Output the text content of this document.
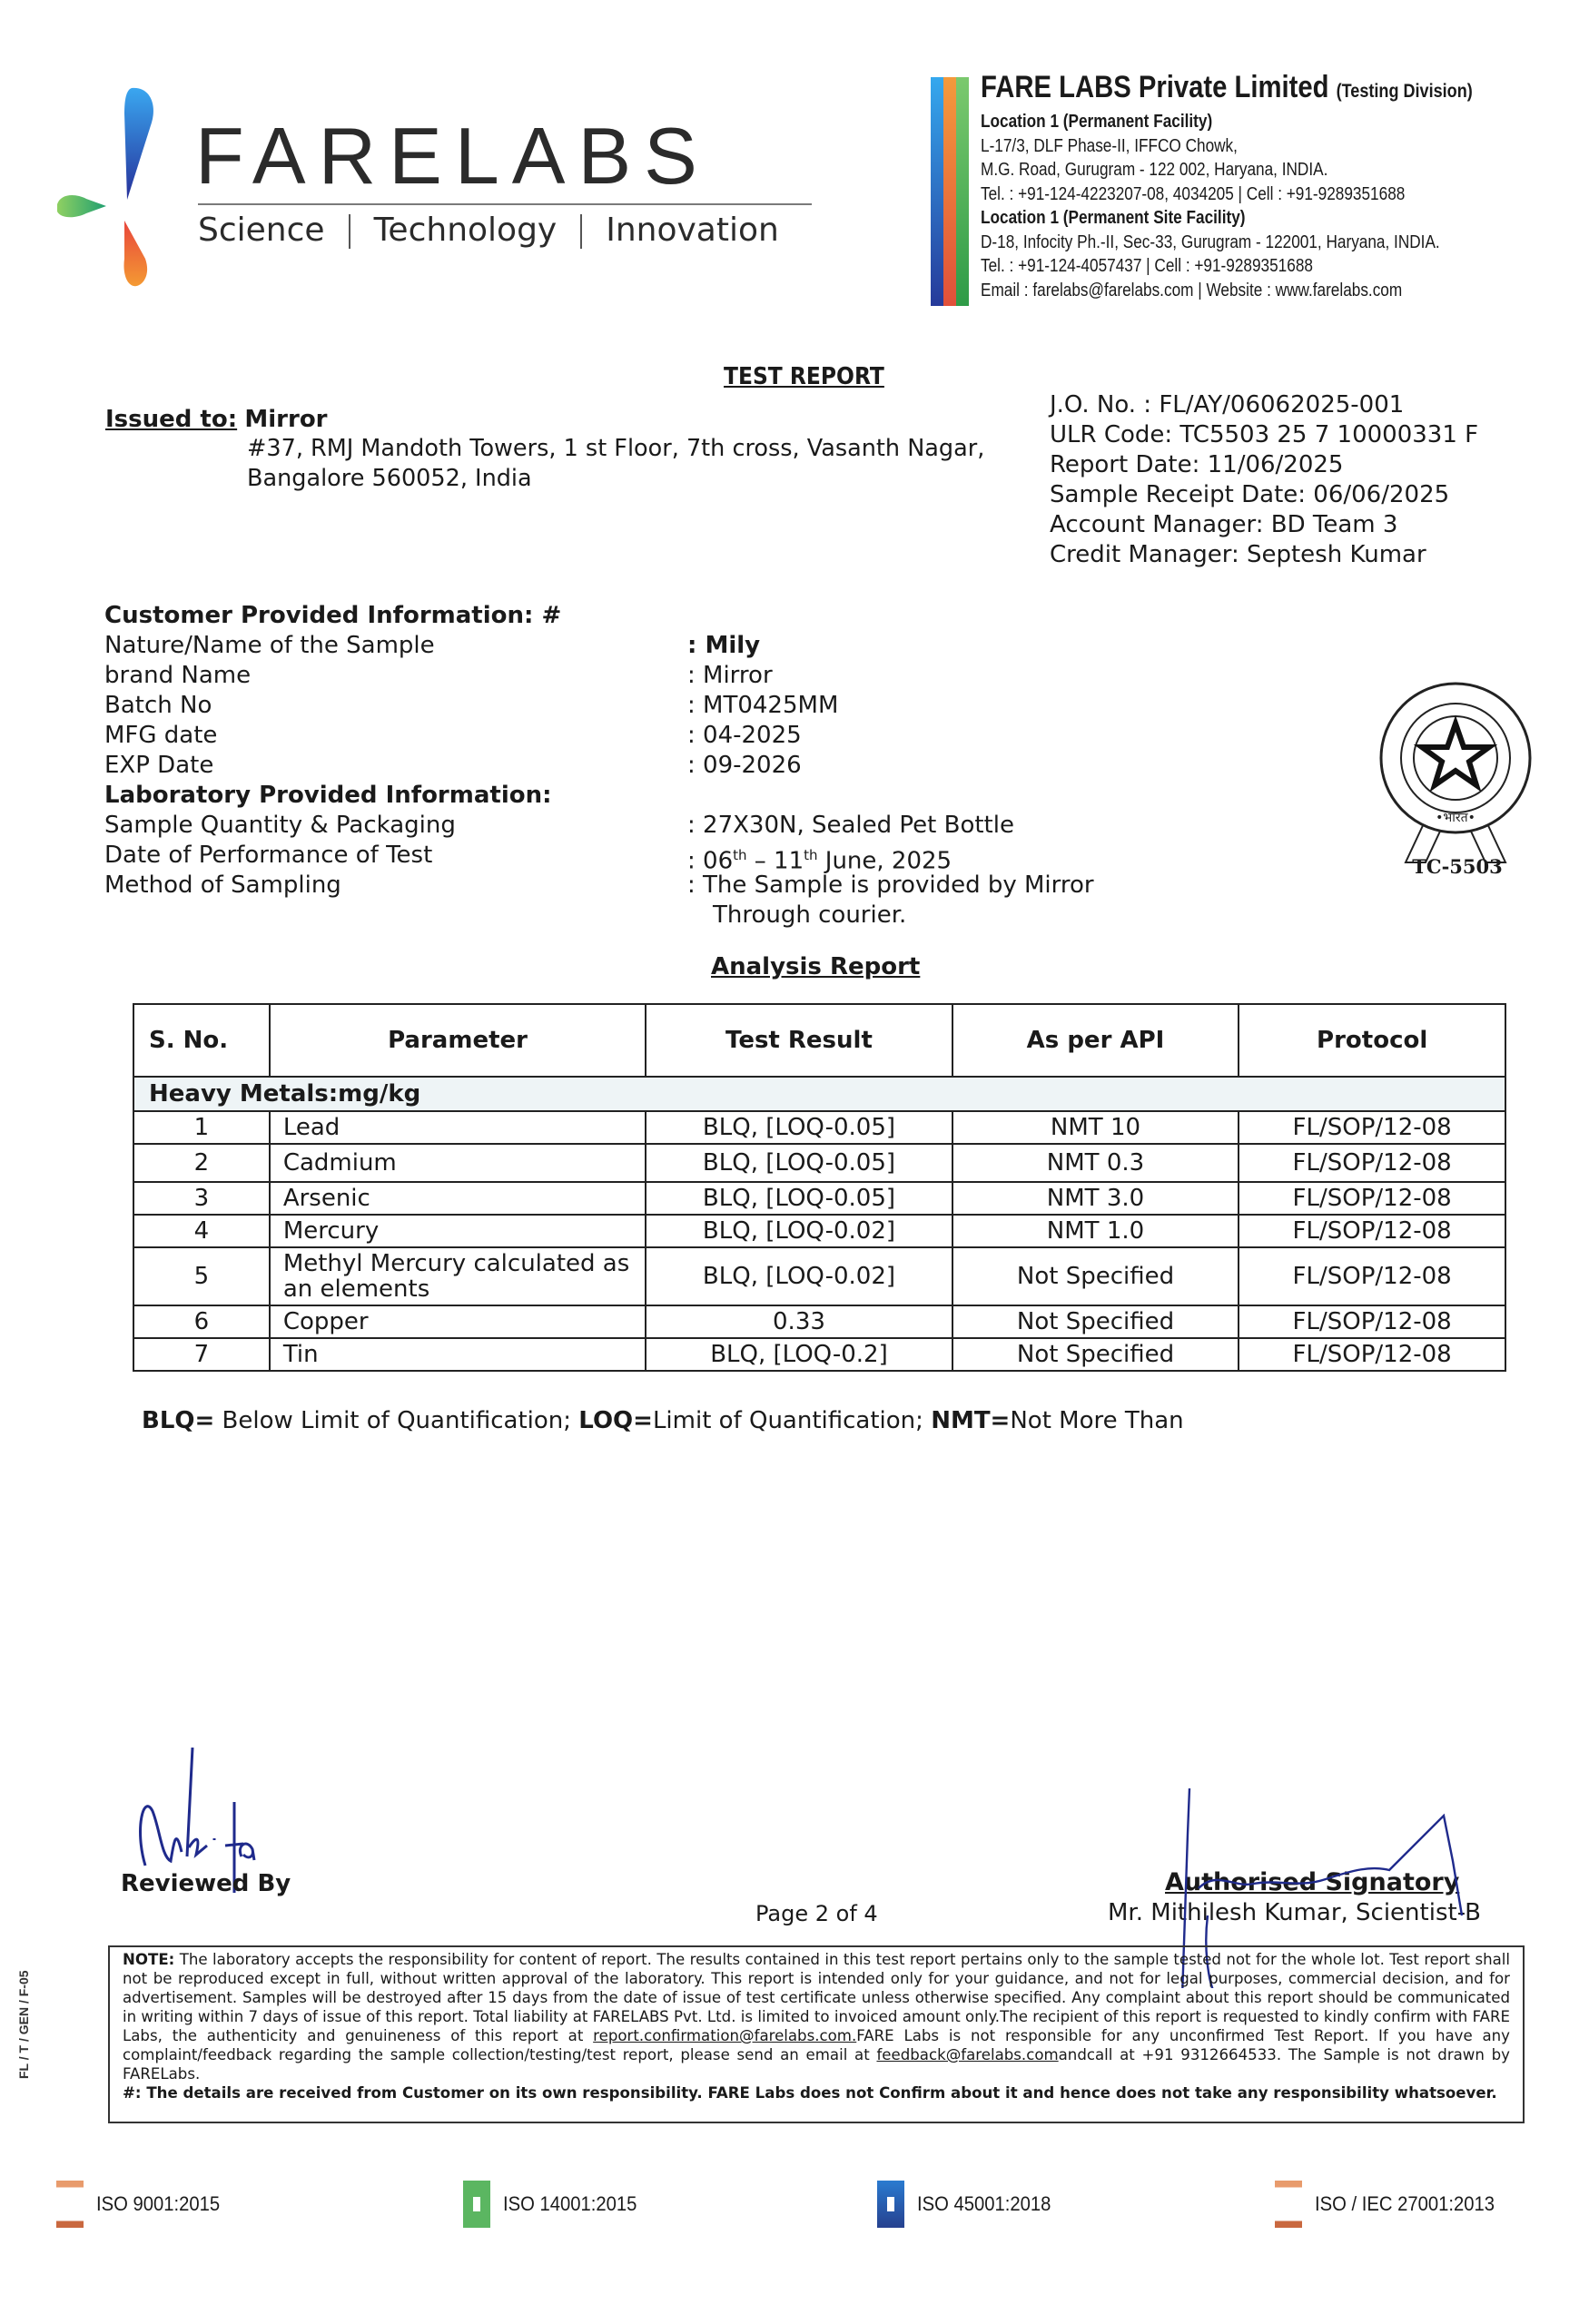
FARELABS
Science Technology Innovation
FARE LABS Private Limited (Testing Division)
Location 1 (Permanent Facility)
L-17/3, DLF Phase-II, IFFCO Chowk,
M.G. Road, Gurugram - 122 002, Haryana, INDIA.
Tel. : +91-124-4223207-08, 4034205 | Cell : +91-9289351688
Location 1 (Permanent Site Facility)
D-18, Infocity Ph.-II, Sec-33, Gurugram - 122001, Haryana, INDIA.
Tel. : +91-124-4057437 | Cell : +91-9289351688
Email : farelabs@farelabs.com | Website : www.farelabs.com
TEST REPORT
Issued to: Mirror
#37, RMJ Mandoth Towers, 1 st Floor, 7th cross, Vasanth Nagar, Bangalore 560052, India
J.O. No. : FL/AY/06062025-001
ULR Code: TC5503 25 7 10000331 F
Report Date: 11/06/2025
Sample Receipt Date: 06/06/2025
Account Manager: BD Team 3
Credit Manager: Septesh Kumar
Customer Provided Information: #
Nature/Name of the Sample	: Mily
brand Name	: Mirror
Batch No	: MT0425MM
MFG date	: 04-2025
EXP Date	: 09-2026
Laboratory Provided Information:
Sample Quantity & Packaging	: 27X30N, Sealed Pet Bottle
Date of Performance of Test	: 06th – 11th June, 2025
Method of Sampling	: The Sample is provided by Mirror
Through courier.
•भारत•
TC-5503
Analysis Report
S. No.	Parameter	Test Result	As per API	Protocol
Heavy Metals:mg/kg				
1	Lead	BLQ, [LOQ-0.05]	NMT 10	FL/SOP/12-08
2	Cadmium	BLQ, [LOQ-0.05]	NMT 0.3	FL/SOP/12-08
3	Arsenic	BLQ, [LOQ-0.05]	NMT 3.0	FL/SOP/12-08
4	Mercury	BLQ, [LOQ-0.02]	NMT 1.0	FL/SOP/12-08
5	Methyl Mercury calculated as an elements	BLQ, [LOQ-0.02]	Not Specified	FL/SOP/12-08
6	Copper	0.33	Not Specified	FL/SOP/12-08
7	Tin	BLQ, [LOQ-0.2]	Not Specified	FL/SOP/12-08
BLQ= Below Limit of Quantification; LOQ=Limit of Quantification; NMT=Not More Than
Reviewed By
Page 2 of 4
Authorised Signatory
Mr. Mithilesh Kumar, Scientist-B
NOTE: The laboratory accepts the responsibility for content of report. The results contained in this test report pertains only to the sample tested not for the whole lot. Test report shall not be reproduced except in full, without written approval of the laboratory. This report is intended only for your guidance, and not for legal purposes, commercial decision, and for advertisement. Samples will be destroyed after 15 days from the date of issue of test certificate unless otherwise specified. Any complaint about this report should be communicated in writing within 7 days of issue of this report. Total liability at FARELABS Pvt. Ltd. is limited to invoiced amount only.The recipient of this report is requested to kindly confirm with FARE Labs, the authenticity and genuineness of this report at report.confirmation@farelabs.com.FARE Labs is not responsible for any unconfirmed Test Report. If you have any complaint/feedback regarding the sample collection/testing/test report, please send an email at feedback@farelabs.comandcall at +91 9312664533. The Sample is not drawn by FARELabs.
#: The details are received from Customer on its own responsibility. FARE Labs does not Confirm about it and hence does not take any responsibility whatsoever.
FL / T / GEN / F-05
ISO 9001:2015	ISO 14001:2015	ISO 45001:2018	ISO / IEC 27001:2013
